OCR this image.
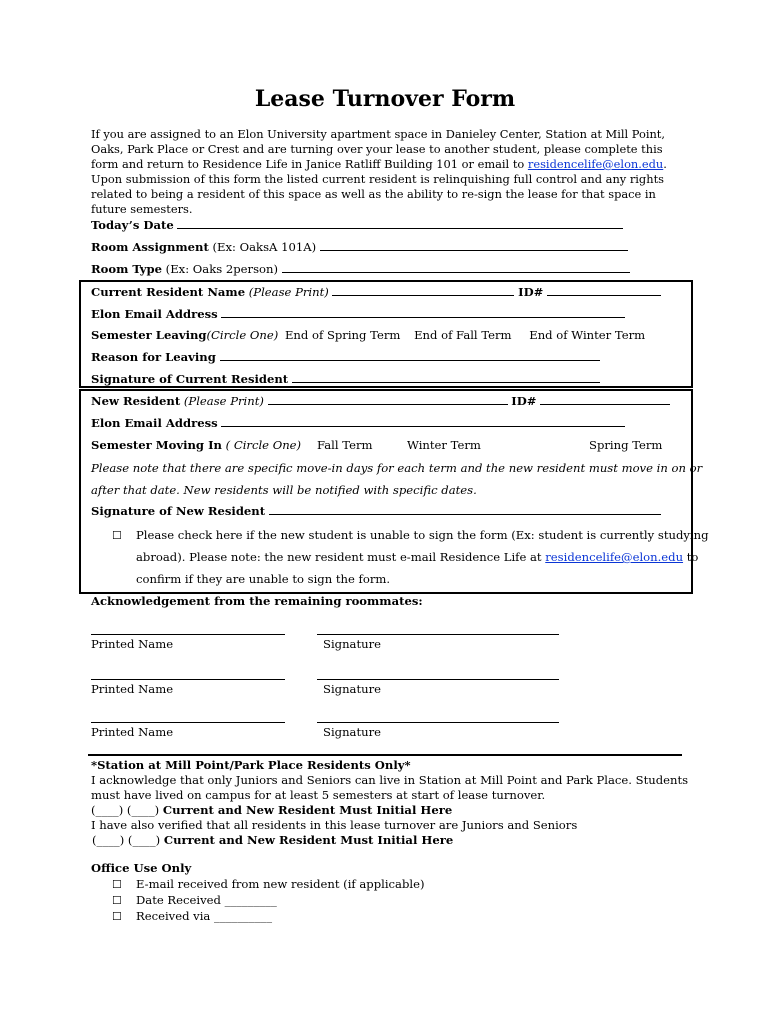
Lease Turnover Form
If you are assigned to an Elon University apartment space in Danieley Center, Station at Mill Point, Oaks, Park Place or Crest and are turning over your lease to another student, please complete this form and return to Residence Life in Janice Ratliff Building 101 or email to residencelife@elon.edu. Upon submission of this form the listed current resident is relinquishing full control and any rights related to being a resident of this space as well as the ability to re-sign the lease for that space in future semesters.
Today’s Date
Room Assignment (Ex: OaksA 101A)
Room Type (Ex: Oaks 2person)
Current Resident Name (Please Print)	ID#
Elon Email Address
Semester Leaving(Circle One) End of Spring Term End of Fall Term End of Winter Term
Reason for Leaving
Signature of Current Resident
New Resident (Please Print)	ID#
Elon Email Address
Semester Moving In ( Circle One) Fall Term	Winter Term	Spring Term
Please note that there are specific move-in days for each term and the new resident must move in on or
after that date. New residents will be notified with specific dates.
Signature of New Resident
☐ Please check here if the new student is unable to sign the form (Ex: student is currently studying
abroad). Please note: the new resident must e-mail Residence Life at residencelife@elon.edu to
confirm if they are unable to sign the form.
Acknowledgement from the remaining roommates:
Printed Name	Signature
Printed Name	Signature
Printed Name	Signature
*Station at Mill Point/Park Place Residents Only*
I acknowledge that only Juniors and Seniors can live in Station at Mill Point and Park Place. Students
must have lived on campus for at least 5 semesters at start of lease turnover.
(____) (____) Current and New Resident Must Initial Here
I have also verified that all residents in this lease turnover are Juniors and Seniors
(____) (____) Current and New Resident Must Initial Here
Office Use Only
☐ E-mail received from new resident (if applicable)
☐ Date Received _________
☐ Received via __________
